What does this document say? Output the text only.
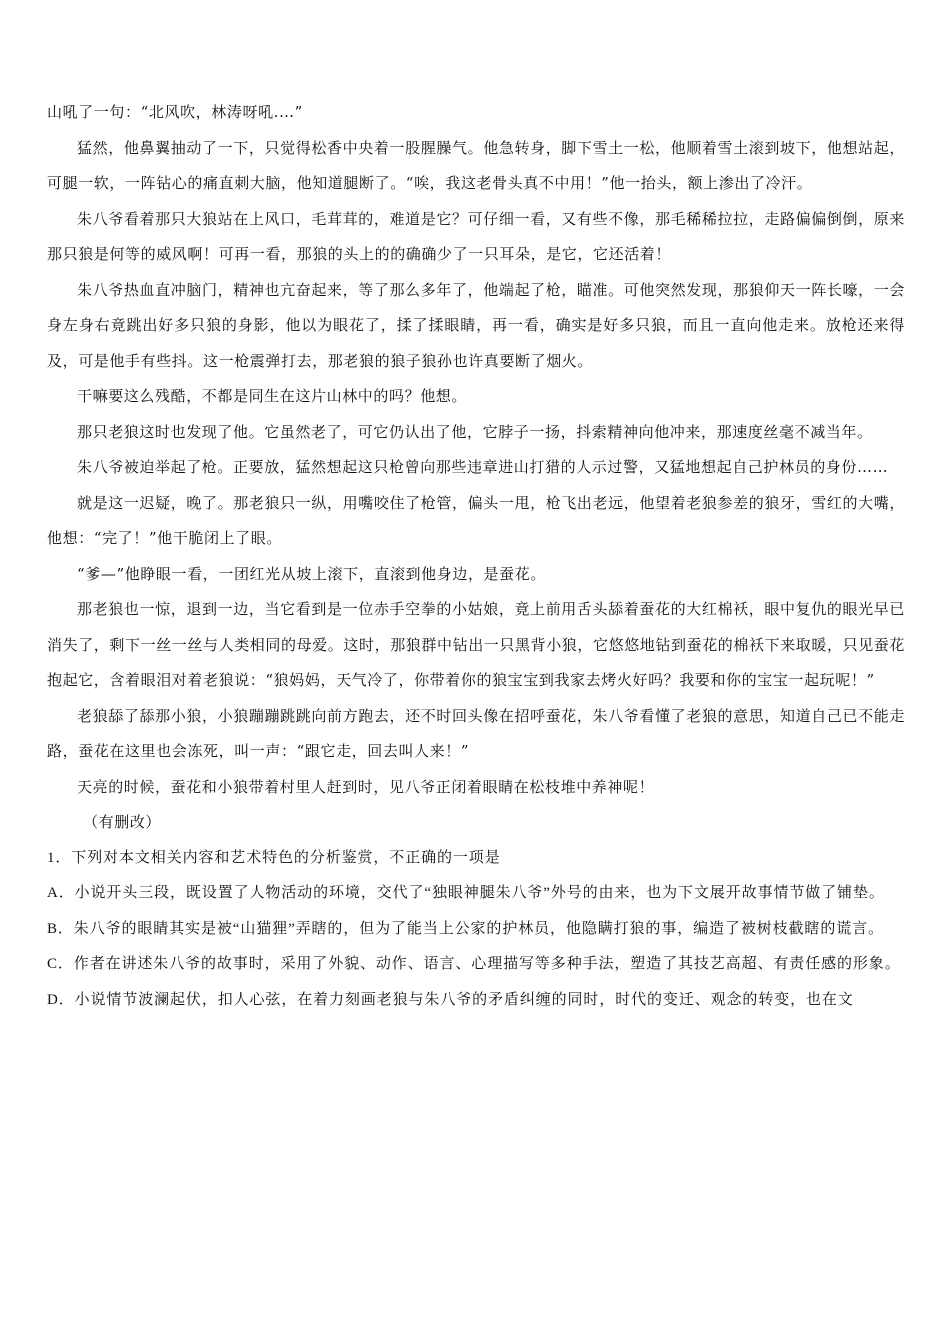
山吼了一句：“北风吹，林涛呀吼.…”

猛然，他鼻翼抽动了一下，只觉得松香中央着一股腥臊气。他急转身，脚下雪土一松，他顺着雪土滚到坡下，他想站起，可腿一软，一阵钻心的痛直刺大脑，他知道腿断了。“唉，我这老骨头真不中用！”他一抬头，额上渗出了冷汗。

朱八爷看着那只大狼站在上风口，毛茸茸的，难道是它？可仔细一看，又有些不像，那毛稀稀拉拉，走路偏偏倒倒，原来那只狼是何等的威风啊！可再一看，那狼的头上的的确确少了一只耳朵，是它，它还活着！

朱八爷热血直冲脑门，精神也亢奋起来，等了那么多年了，他端起了枪，瞄准。可他突然发现，那狼仰天一阵长嚎，一会身左身右竟跳出好多只狼的身影，他以为眼花了，揉了揉眼睛，再一看，确实是好多只狼，而且一直向他走来。放枪还来得及，可是他手有些抖。这一枪震弹打去，那老狼的狼子狼孙也许真要断了烟火。

干嘛要这么残酷，不都是同生在这片山林中的吗？他想。

那只老狼这时也发现了他。它虽然老了，可它仍认出了他，它脖子一扬，抖索精神向他冲来，那速度丝毫不减当年。

朱八爷被迫举起了枪。正要放，猛然想起这只枪曾向那些违章进山打猎的人示过警，又猛地想起自己护林员的身份……

就是这一迟疑，晚了。那老狼只一纵，用嘴咬住了枪管，偏头一甩，枪飞出老远，他望着老狼参差的狼牙，雪红的大嘴，他想：“完了！”他干脆闭上了眼。

“爹—”他睁眼一看，一团红光从坡上滚下，直滚到他身边，是蚕花。

那老狼也一惊，退到一边，当它看到是一位赤手空拳的小姑娘，竟上前用舌头舔着蚕花的大红棉袄，眼中复仇的眼光早已消失了，剩下一丝一丝与人类相同的母爱。这时，那狼群中钻出一只黑背小狼，它悠悠地钻到蚕花的棉袄下来取暖，只见蚕花抱起它，含着眼泪对着老狼说：“狼妈妈，天气冷了，你带着你的狼宝宝到我家去烤火好吗？我要和你的宝宝一起玩呢！”

老狼舔了舔那小狼，小狼蹦蹦跳跳向前方跑去，还不时回头像在招呼蚕花，朱八爷看懂了老狼的意思，知道自己已不能走路，蚕花在这里也会冻死，叫一声：“跟它走，回去叫人来！”

天亮的时候，蚕花和小狼带着村里人赶到时，见八爷正闭着眼睛在松枝堆中养神呢！

（有删改）

1．下列对本文相关内容和艺术特色的分析鉴赏，不正确的一项是

A．小说开头三段，既设置了人物活动的环境，交代了“独眼神腿朱八爷”外号的由来，也为下文展开故事情节做了铺垫。

B．朱八爷的眼睛其实是被“山猫狸”弄瞎的，但为了能当上公家的护林员，他隐瞒打狼的事，编造了被树枝截瞎的谎言。

C．作者在讲述朱八爷的故事时，采用了外貌、动作、语言、心理描写等多种手法，塑造了其技艺高超、有责任感的形象。

D．小说情节波澜起伏，扣人心弦，在着力刻画老狼与朱八爷的矛盾纠缠的同时，时代的变迁、观念的转变，也在文
